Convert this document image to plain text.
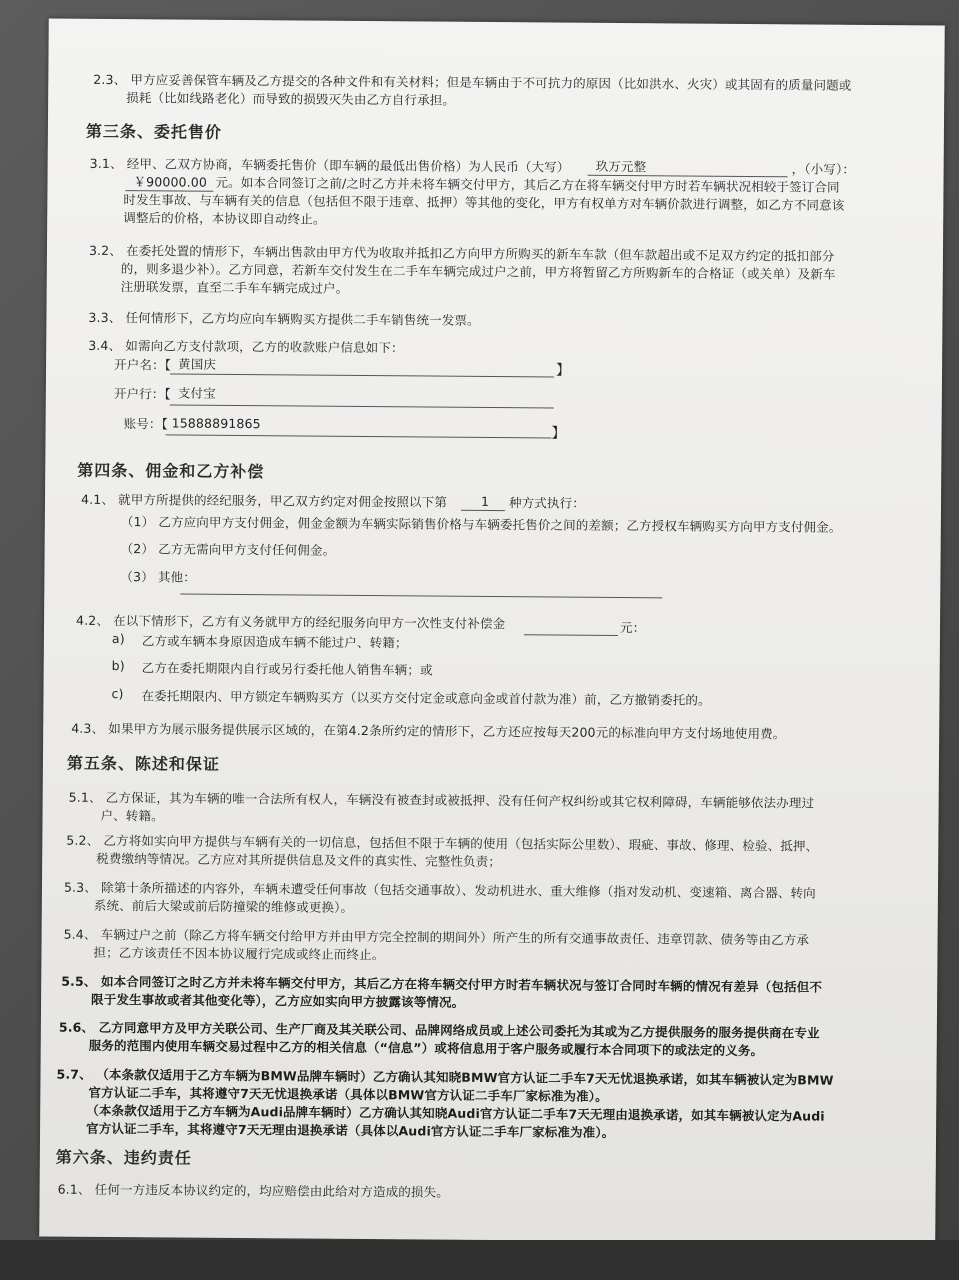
2.3、 甲方应妥善保管车辆及乙方提交的各种文件和有关材料；但是车辆由于不可抗力的原因（比如洪水、火灾）或其固有的质量问题或
损耗（比如线路老化）而导致的损毁灭失由乙方自行承担。
第三条、委托售价
3.1、 经甲、乙双方协商，车辆委托售价（即车辆的最低出售价格）为人民币（大写） 玖万元整	，（小写）：
￥90000.00 元。如本合同签订之前/之时乙方并未将车辆交付甲方，其后乙方在将车辆交付甲方时若车辆状况相较于签订合同
时发生事故、与车辆有关的信息（包括但不限于违章、抵押）等其他的变化，甲方有权单方对车辆价款进行调整，如乙方不同意该
调整后的价格，本协议即自动终止。
3.2、 在委托处置的情形下，车辆出售款由甲方代为收取并抵扣乙方向甲方所购买的新车车款（但车款超出或不足双方约定的抵扣部分
的，则多退少补）。乙方同意，若新车交付发生在二手车车辆完成过户之前，甲方将暂留乙方所购新车的合格证（或关单）及新车
注册联发票，直至二手车车辆完成过户。
3.3、 任何情形下，乙方均应向车辆购买方提供二手车销售统一发票。
3.4、 如需向乙方支付款项，乙方的收款账户信息如下：
开户名：【 黄国庆	】
开户行：【 支付宝
账号：【 15888891865
】
第四条、佣金和乙方补偿
4.1、 就甲方所提供的经纪服务，甲乙双方约定对佣金按照以下第	1 种方式执行：
（1） 乙方应向甲方支付佣金，佣金金额为车辆实际销售价格与车辆委托售价之间的差额；乙方授权车辆购买方向甲方支付佣金。
（2） 乙方无需向甲方支付任何佣金。
（3） 其他：
4.2、 在以下情形下，乙方有义务就甲方的经纪服务向甲方一次性支付补偿金	元：
a) 乙方或车辆本身原因造成车辆不能过户、转籍；
b) 乙方在委托期限内自行或另行委托他人销售车辆；或
c) 在委托期限内、甲方锁定车辆购买方（以买方交付定金或意向金或首付款为准）前，乙方撤销委托的。
4.3、 如果甲方为展示服务提供展示区域的，在第4.2条所约定的情形下，乙方还应按每天200元的标准向甲方支付场地使用费。
第五条、陈述和保证
5.1、 乙方保证，其为车辆的唯一合法所有权人，车辆没有被查封或被抵押、没有任何产权纠纷或其它权利障碍，车辆能够依法办理过
户、转籍。
5.2、 乙方将如实向甲方提供与车辆有关的一切信息，包括但不限于车辆的使用（包括实际公里数）、瑕疵、事故、修理、检验、抵押、
税费缴纳等情况。乙方应对其所提供信息及文件的真实性、完整性负责；
5.3、 除第十条所描述的内容外，车辆未遭受任何事故（包括交通事故）、发动机进水、重大维修（指对发动机、变速箱、离合器、转向
系统、前后大梁或前后防撞梁的维修或更换）。
5.4、 车辆过户之前（除乙方将车辆交付给甲方并由甲方完全控制的期间外）所产生的所有交通事故责任、违章罚款、债务等由乙方承
担；乙方该责任不因本协议履行完成或终止而终止。
5.5、 如本合同签订之时乙方并未将车辆交付甲方，其后乙方在将车辆交付甲方时若车辆状况与签订合同时车辆的情况有差异（包括但不
限于发生事故或者其他变化等），乙方应如实向甲方披露该等情况。
5.6、 乙方同意甲方及甲方关联公司、生产厂商及其关联公司、品牌网络成员或上述公司委托为其或为乙方提供服务的服务提供商在专业
服务的范围内使用车辆交易过程中乙方的相关信息（“信息”）或将信息用于客户服务或履行本合同项下的或法定的义务。
5.7、 （本条款仅适用于乙方车辆为BMW品牌车辆时）乙方确认其知晓BMW官方认证二手车7天无忧退换承诺，如其车辆被认定为BMW
官方认证二手车，其将遵守7天无忧退换承诺（具体以BMW官方认证二手车厂家标准为准）。
（本条款仅适用于乙方车辆为Audi品牌车辆时）乙方确认其知晓Audi官方认证二手车7天无理由退换承诺，如其车辆被认定为Audi
官方认证二手车，其将遵守7天无理由退换承诺（具体以Audi官方认证二手车厂家标准为准）。
第六条、违约责任
6.1、 任何一方违反本协议约定的，均应赔偿由此给对方造成的损失。
